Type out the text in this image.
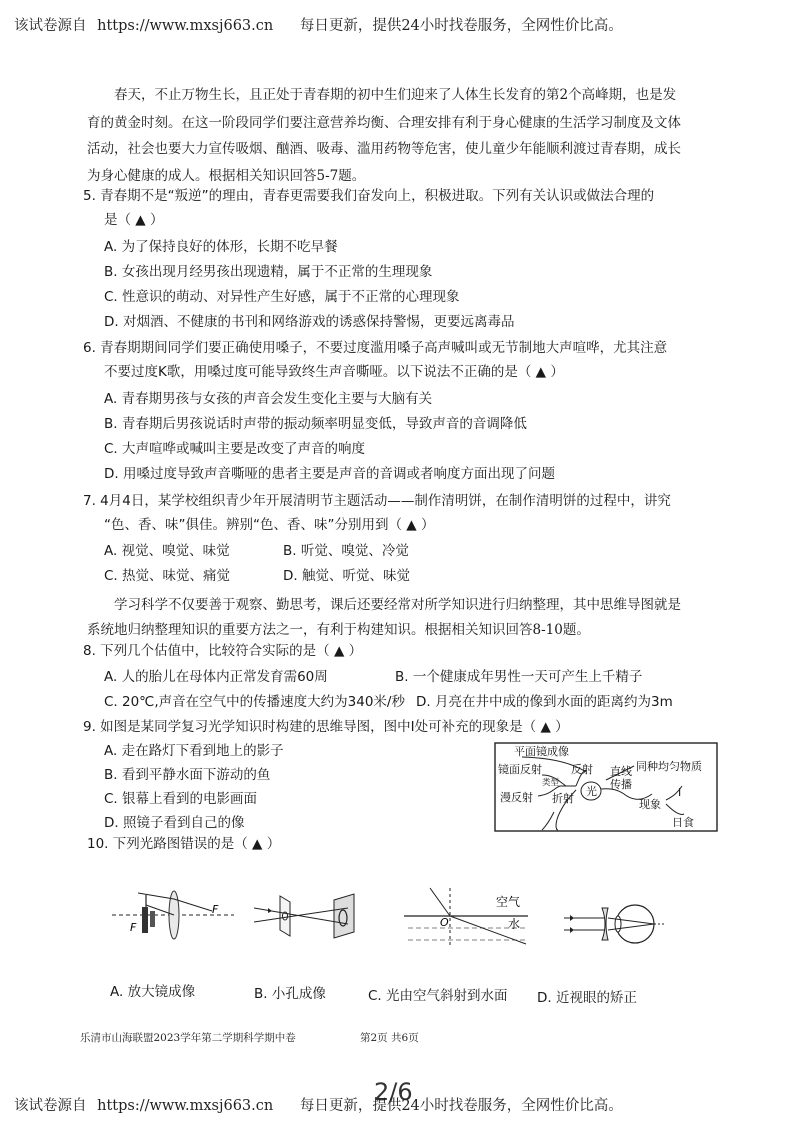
该试卷源自 https://www.mxsj663.cn 每日更新，提供24小时找卷服务，全网性价比高。
春天，不止万物生长，且正处于青春期的初中生们迎来了人体生长发育的第2个高峰期，也是发
育的黄金时刻。在这一阶段同学们要注意营养均衡、合理安排有利于身心健康的生活学习制度及文体
活动，社会也要大力宣传吸烟、酗酒、吸毒、滥用药物等危害，使儿童少年能顺利渡过青春期，成长
为身心健康的成人。根据相关知识回答5-7题。
5. 青春期不是“叛逆”的理由，青春更需要我们奋发向上，积极进取。下列有关认识或做法合理的
是（ ▲ ）
A. 为了保持良好的体形，长期不吃早餐
B. 女孩出现月经男孩出现遗精，属于不正常的生理现象
C. 性意识的萌动、对异性产生好感，属于不正常的心理现象
D. 对烟酒、不健康的书刊和网络游戏的诱惑保持警惕，更要远离毒品
6. 青春期期间同学们要正确使用嗓子，不要过度滥用嗓子高声喊叫或无节制地大声喧哗，尤其注意
不要过度K歌，用嗓过度可能导致终生声音嘶哑。以下说法不正确的是（ ▲ ）
A. 青春期男孩与女孩的声音会发生变化主要与大脑有关
B. 青春期后男孩说话时声带的振动频率明显变低，导致声音的音调降低
C. 大声喧哗或喊叫主要是改变了声音的响度
D. 用嗓过度导致声音嘶哑的患者主要是声音的音调或者响度方面出现了问题
7. 4月4日，某学校组织青少年开展清明节主题活动——制作清明饼，在制作清明饼的过程中，讲究
“色、香、味”俱佳。辨别“色、香、味”分别用到（ ▲ ）
A. 视觉、嗅觉、味觉	B. 听觉、嗅觉、冷觉
C. 热觉、味觉、痛觉	D. 触觉、听觉、味觉
学习科学不仅要善于观察、勤思考，课后还要经常对所学知识进行归纳整理，其中思维导图就是
系统地归纳整理知识的重要方法之一，有利于构建知识。根据相关知识回答8-10题。
8. 下列几个估值中，比较符合实际的是（ ▲ ）
A. 人的胎儿在母体内正常发育需60周	B. 一个健康成年男性一天可产生上千精子
C. 20℃,声音在空气中的传播速度大约为340米/秒 D. 月亮在井中成的像到水面的距离约为3m
9. 如图是某同学复习光学知识时构建的思维导图，图中I处可补充的现象是（ ▲ ）
A. 走在路灯下看到地上的影子
B. 看到平静水面下游动的鱼
C. 银幕上看到的电影画面
D. 照镜子看到自己的像
平面镜成像
镜面反射
漫反射
类型
反射
折射
光
直线
传播
同种均匀物质
现象
I
日食
10. 下列光路图错误的是（ ▲ ）
F
F
空气
水
O
A. 放大镜成像	B. 小孔成像	C. 光由空气斜射到水面 D. 近视眼的矫正
乐清市山海联盟2023学年第二学期科学期中卷	第2页 共6页
2/6
该试卷源自 https://www.mxsj663.cn 每日更新，提供24小时找卷服务，全网性价比高。
